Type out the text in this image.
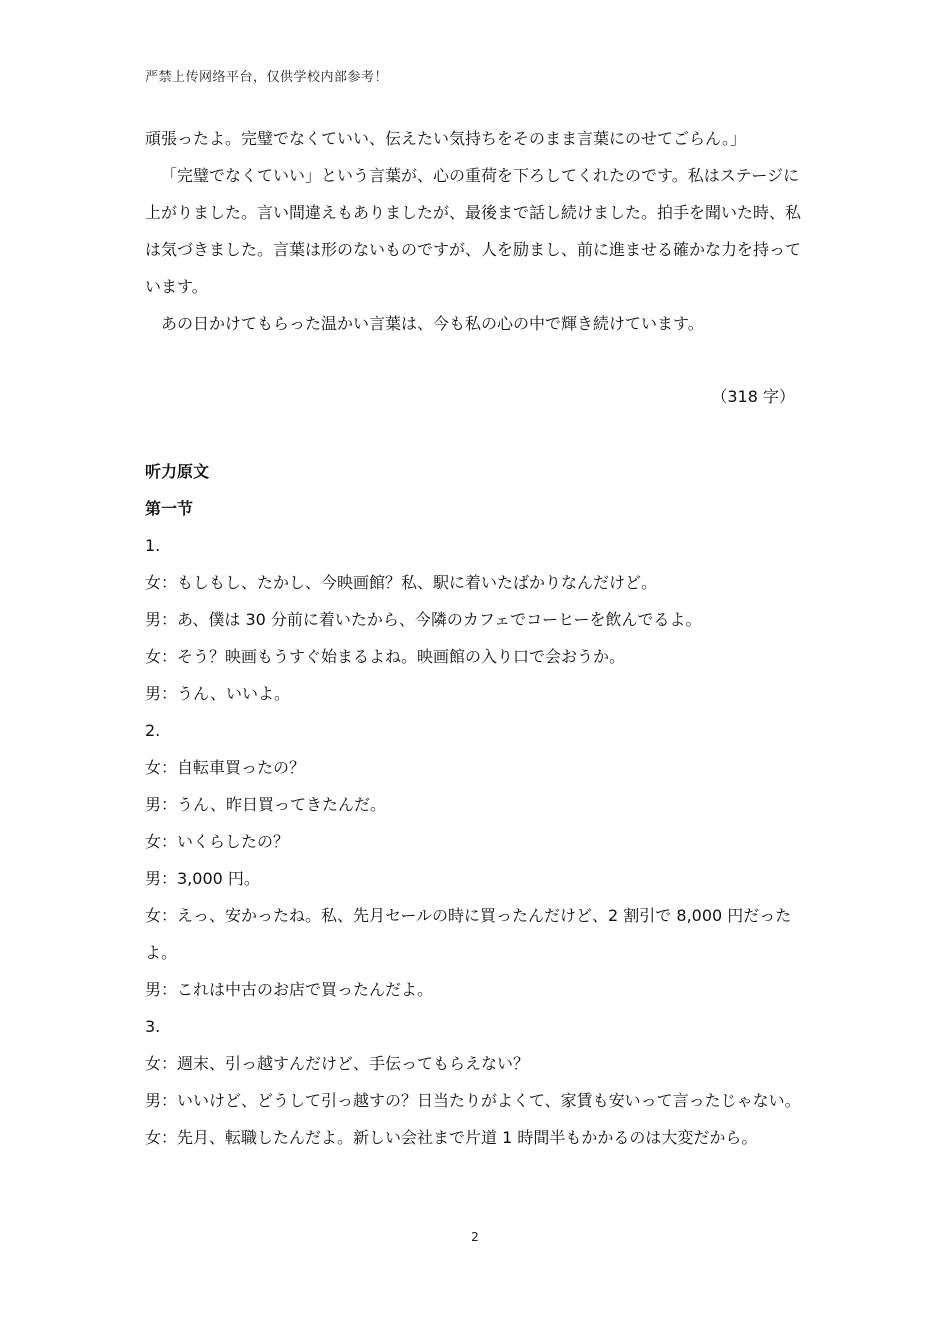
严禁上传网络平台，仅供学校内部参考！

頑張ったよ。完璧でなくていい、伝えたい気持ちをそのまま言葉にのせてごらん。」

「完璧でなくていい」という言葉が、心の重荷を下ろしてくれたのです。私はステージに上がりました。言い間違えもありましたが、最後まで話し続けました。拍手を聞いた時、私は気づきました。言葉は形のないものですが、人を励まし、前に進ませる確かな力を持っています。

あの日かけてもらった温かい言葉は、今も私の心の中で輝き続けています。

（318 字）

听力原文

第一节

1.

女：もしもし、たかし、今映画館？私、駅に着いたばかりなんだけど。

男：あ、僕は 30 分前に着いたから、今隣のカフェでコーヒーを飲んでるよ。

女：そう？映画もうすぐ始まるよね。映画館の入り口で会おうか。

男：うん、いいよ。

2.

女：自転車買ったの？

男：うん、昨日買ってきたんだ。

女：いくらしたの？

男：3,000 円。

女：えっ、安かったね。私、先月セールの時に買ったんだけど、2 割引で 8,000 円だったよ。

男：これは中古のお店で買ったんだよ。

3.

女：週末、引っ越すんだけど、手伝ってもらえない？

男：いいけど、どうして引っ越すの？日当たりがよくて、家賃も安いって言ったじゃない。

女：先月、転職したんだよ。新しい会社まで片道 1 時間半もかかるのは大変だから。

2
